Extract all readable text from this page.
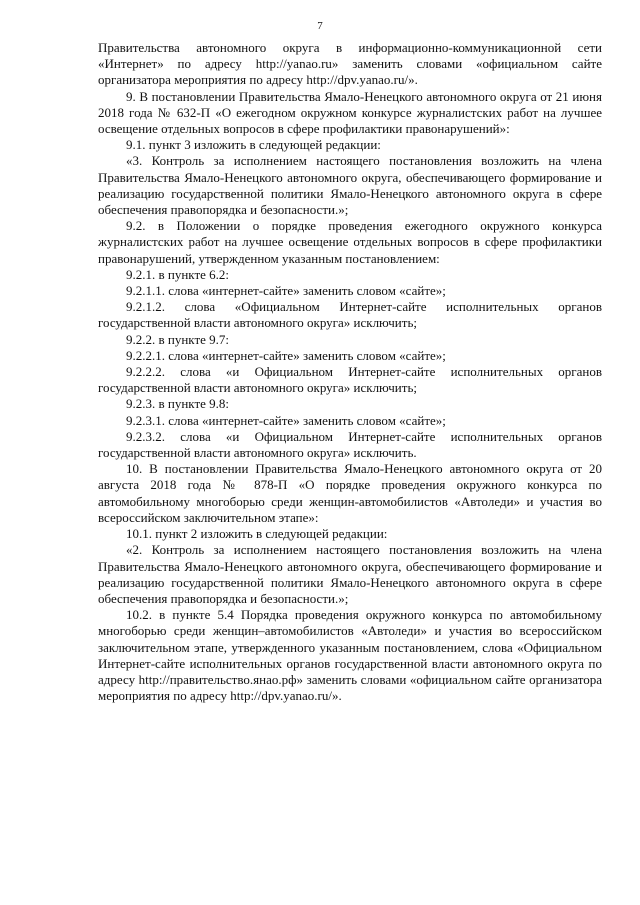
7

Правительства автономного округа в информационно-коммуникационной сети «Интернет» по адресу http://yanao.ru» заменить словами «официальном сайте организатора мероприятия по адресу http://dpv.yanao.ru/».

9. В постановлении Правительства Ямало-Ненецкого автономного округа от 21 июня 2018 года № 632-П «О ежегодном окружном конкурсе журналистских работ на лучшее освещение отдельных вопросов в сфере профилактики правонарушений»:

9.1. пункт 3 изложить в следующей редакции:

«3. Контроль за исполнением настоящего постановления возложить на члена Правительства Ямало-Ненецкого автономного округа, обеспечивающего формирование и реализацию государственной политики Ямало-Ненецкого автономного округа в сфере обеспечения правопорядка и безопасности.»;

9.2. в Положении о порядке проведения ежегодного окружного конкурса журналистских работ на лучшее освещение отдельных вопросов в сфере профилактики правонарушений, утвержденном указанным постановлением:

9.2.1. в пункте 6.2:

9.2.1.1. слова «интернет-сайте» заменить словом «сайте»;

9.2.1.2. слова «Официальном Интернет-сайте исполнительных органов государственной власти автономного округа» исключить;

9.2.2. в пункте 9.7:

9.2.2.1. слова «интернет-сайте» заменить словом «сайте»;

9.2.2.2. слова «и Официальном Интернет-сайте исполнительных органов государственной власти автономного округа» исключить;

9.2.3. в пункте 9.8:

9.2.3.1. слова «интернет-сайте» заменить словом «сайте»;

9.2.3.2. слова «и Официальном Интернет-сайте исполнительных органов государственной власти автономного округа» исключить.

10. В постановлении Правительства Ямало-Ненецкого автономного округа от 20 августа 2018 года № 878-П «О порядке проведения окружного конкурса по автомобильному многоборью среди женщин-автомобилистов «Автоледи» и участия во всероссийском заключительном этапе»:

10.1. пункт 2 изложить в следующей редакции:

«2. Контроль за исполнением настоящего постановления возложить на члена Правительства Ямало-Ненецкого автономного округа, обеспечивающего формирование и реализацию государственной политики Ямало-Ненецкого автономного округа в сфере обеспечения правопорядка и безопасности.»;

10.2. в пункте 5.4 Порядка проведения окружного конкурса по автомобильному многоборью среди женщин–автомобилистов «Автоледи» и участия во всероссийском заключительном этапе, утвержденного указанным постановлением, слова «Официальном Интернет-сайте исполнительных органов государственной власти автономного округа по адресу http://правительство.янао.рф» заменить словами «официальном сайте организатора мероприятия по адресу http://dpv.yanao.ru/».
